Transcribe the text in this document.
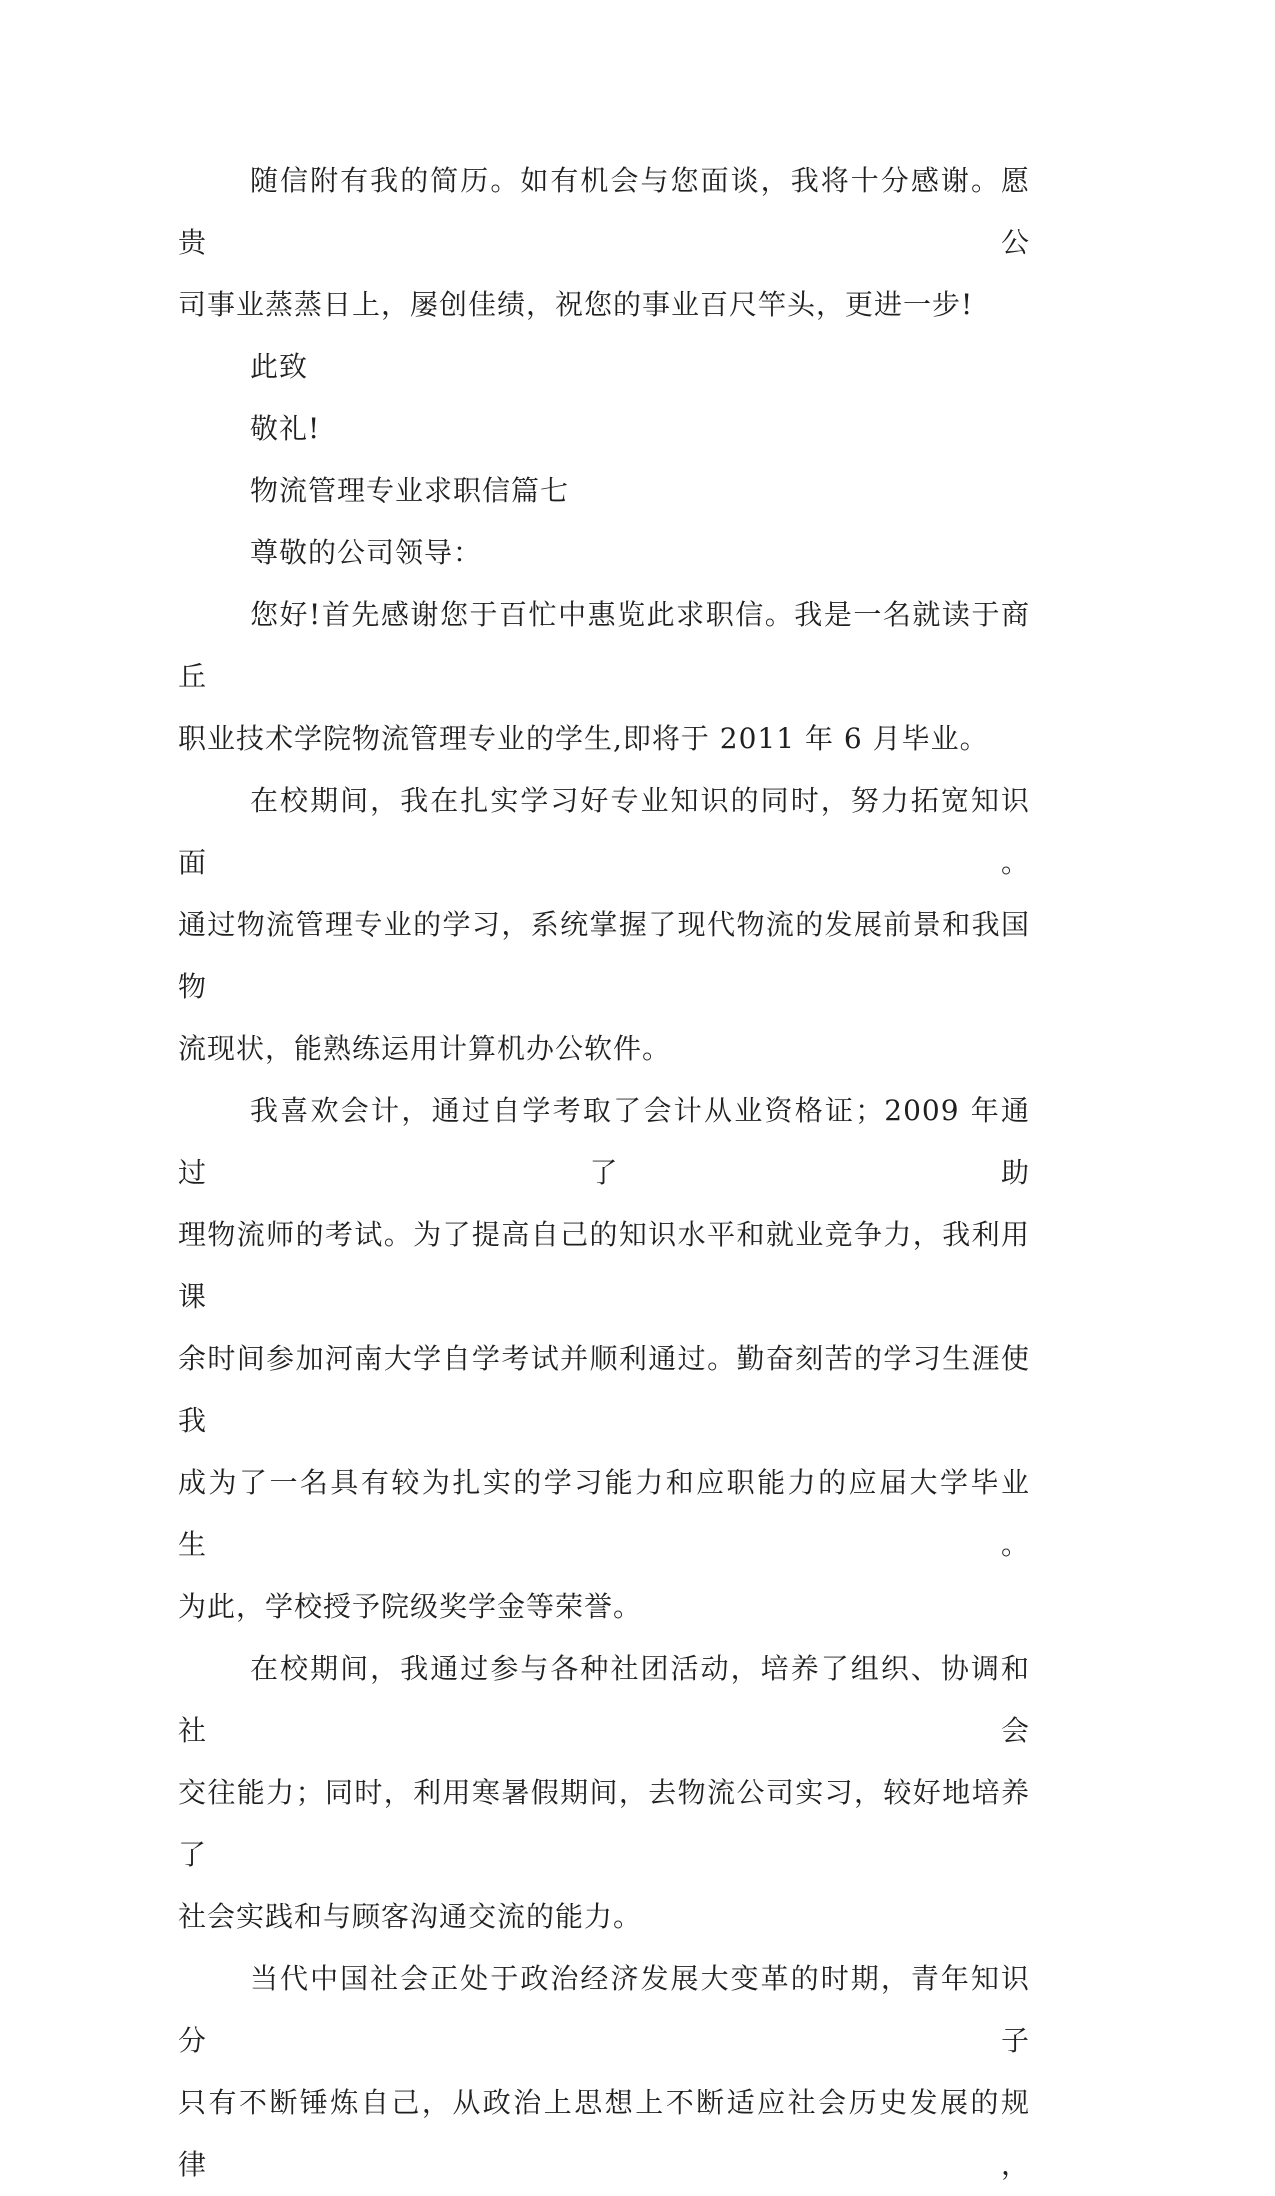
随信附有我的简历。如有机会与您面谈，我将十分感谢。愿贵公
司事业蒸蒸日上，屡创佳绩，祝您的事业百尺竿头，更进一步!
此致
敬礼!
物流管理专业求职信篇七
尊敬的公司领导：
您好!首先感谢您于百忙中惠览此求职信。我是一名就读于商丘
职业技术学院物流管理专业的学生,即将于 2011 年 6 月毕业。
在校期间，我在扎实学习好专业知识的同时，努力拓宽知识面。
通过物流管理专业的学习，系统掌握了现代物流的发展前景和我国物
流现状，能熟练运用计算机办公软件。
我喜欢会计，通过自学考取了会计从业资格证；2009 年通过了助
理物流师的考试。为了提高自己的知识水平和就业竞争力，我利用课
余时间参加河南大学自学考试并顺利通过。勤奋刻苦的学习生涯使我
成为了一名具有较为扎实的学习能力和应职能力的应届大学毕业生。
为此，学校授予院级奖学金等荣誉。
在校期间，我通过参与各种社团活动，培养了组织、协调和社会
交往能力；同时，利用寒暑假期间，去物流公司实习，较好地培养了
社会实践和与顾客沟通交流的能力。
当代中国社会正处于政治经济发展大变革的时期，青年知识分子
只有不断锤炼自己，从政治上思想上不断适应社会历史发展的规律，
